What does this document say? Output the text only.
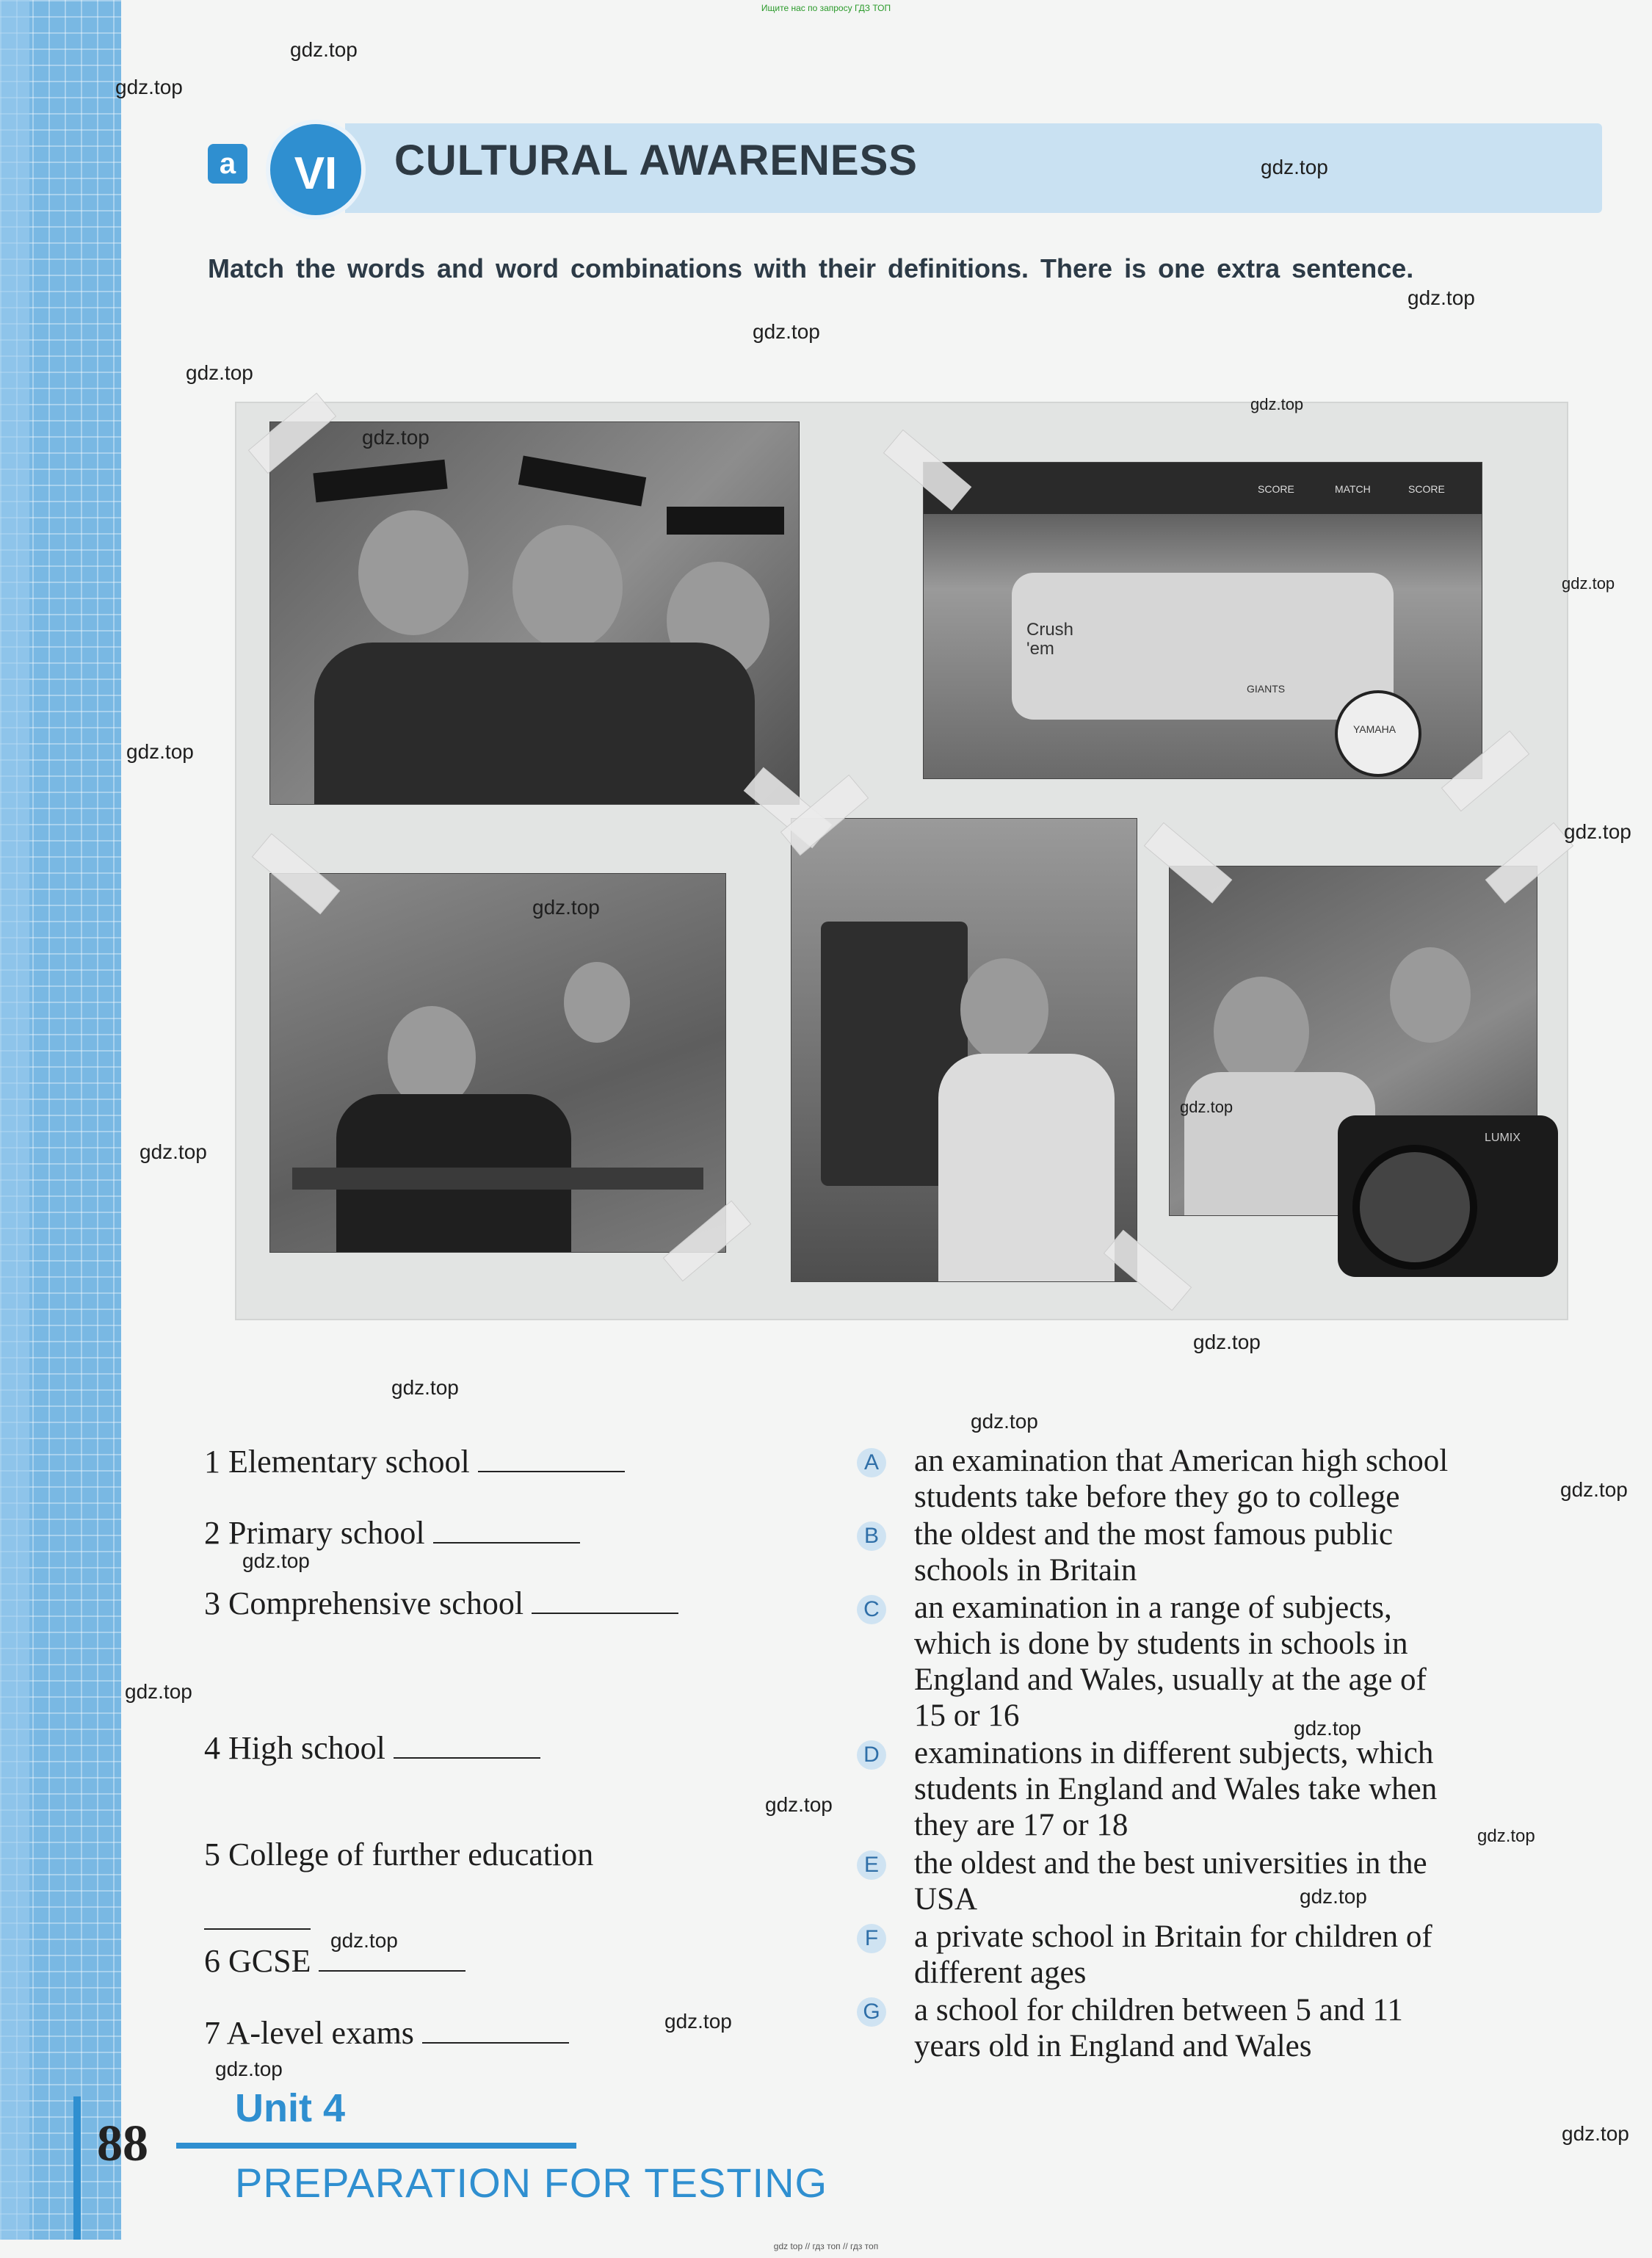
Ищите нас по запросу ГДЗ ТОП
a	VI	CULTURAL AWARENESS
Match the words and word combinations with their definitions. There is one extra sentence.
SCORE	MATCH	SCORE
Crush 'em
GIANTS
YAMAHA
LUMIX
1 Elementary school
2 Primary school
3 Comprehensive school
4 High school
5 College of further education
6 GCSE
7 A-level exams
A an examination that American high school
students take before they go to college
B the oldest and the most famous public
schools in Britain
C an examination in a range of subjects,
which is done by students in schools in
England and Wales, usually at the age of
15 or 16
D examinations in different subjects, which
students in England and Wales take when
they are 17 or 18
E the oldest and the best universities in the
USA
F a private school in Britain for children of
different ages
G a school for children between 5 and 11
years old in England and Wales
88
Unit 4
PREPARATION FOR TESTING
gdz top // гдз топ // гдз топ
gdz.top
gdz.top
gdz.top
gdz.top
gdz.top
gdz.top
gdz.top
gdz.top
gdz.top
gdz.top
gdz.top
gdz.top
gdz.top
gdz.top
gdz.top
gdz.top
gdz.top
gdz.top
gdz.top
gdz.top
gdz.top
gdz.top
gdz.top
gdz.top
gdz.top
gdz.top
gdz.top
gdz.top
